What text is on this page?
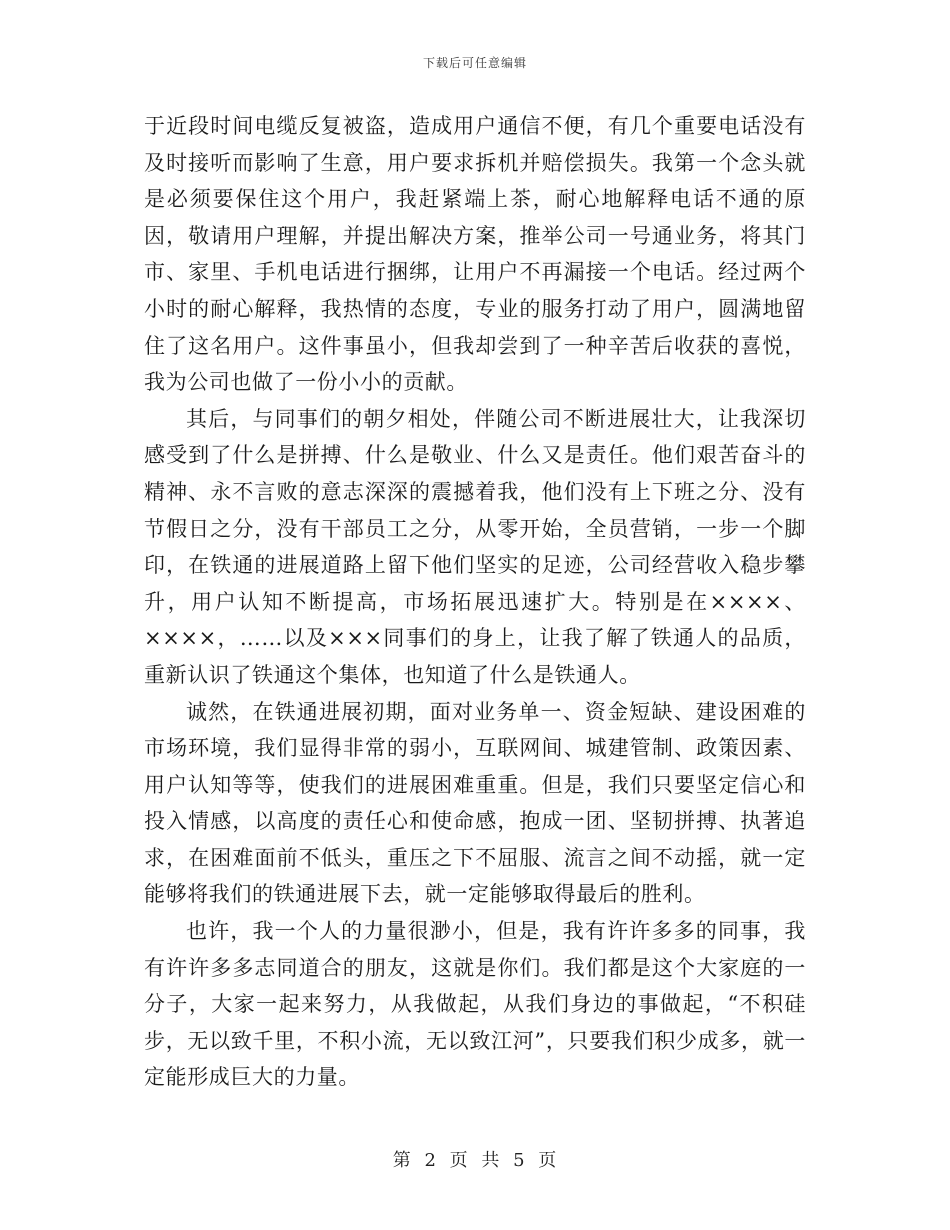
下载后可任意编辑

于近段时间电缆反复被盗，造成用户通信不便，有几个重要电话没有及时接听而影响了生意，用户要求拆机并赔偿损失。我第一个念头就是必须要保住这个用户，我赶紧端上茶，耐心地解释电话不通的原因，敬请用户理解，并提出解决方案，推举公司一号通业务，将其门市、家里、手机电话进行捆绑，让用户不再漏接一个电话。经过两个小时的耐心解释，我热情的态度，专业的服务打动了用户，圆满地留住了这名用户。这件事虽小，但我却尝到了一种辛苦后收获的喜悦，我为公司也做了一份小小的贡献。

其后，与同事们的朝夕相处，伴随公司不断进展壮大，让我深切感受到了什么是拼搏、什么是敬业、什么又是责任。他们艰苦奋斗的精神、永不言败的意志深深的震撼着我，他们没有上下班之分、没有节假日之分，没有干部员工之分，从零开始，全员营销，一步一个脚印，在铁通的进展道路上留下他们坚实的足迹，公司经营收入稳步攀升，用户认知不断提高，市场拓展迅速扩大。特别是在××××、××××，……以及×××同事们的身上，让我了解了铁通人的品质，重新认识了铁通这个集体，也知道了什么是铁通人。

诚然，在铁通进展初期，面对业务单一、资金短缺、建设困难的市场环境，我们显得非常的弱小，互联网间、城建管制、政策因素、用户认知等等，使我们的进展困难重重。但是，我们只要坚定信心和投入情感，以高度的责任心和使命感，抱成一团、坚韧拼搏、执著追求，在困难面前不低头，重压之下不屈服、流言之间不动摇，就一定能够将我们的铁通进展下去，就一定能够取得最后的胜利。

也许，我一个人的力量很渺小，但是，我有许许多多的同事，我有许许多多志同道合的朋友，这就是你们。我们都是这个大家庭的一分子，大家一起来努力，从我做起，从我们身边的事做起，“不积硅步，无以致千里，不积小流，无以致江河”，只要我们积少成多，就一定能形成巨大的力量。

第 2 页 共 5 页
